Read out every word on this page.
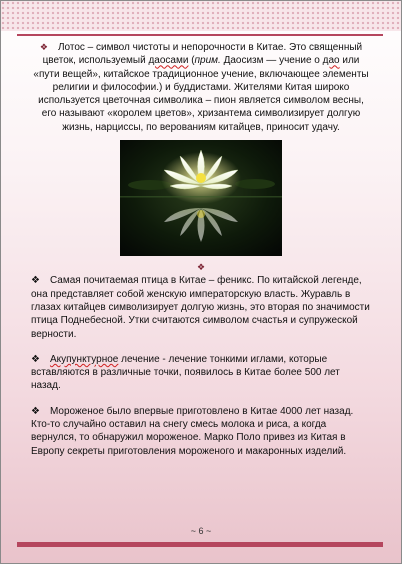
❖ Лотос – символ чистоты и непорочности в Китае. Это священный цветок, используемый даосами (прим. Даосизм — учение о дао или «пути вещей», китайское традиционное учение, включающее элементы религии и философии.) и буддистами. Жителями Китая широко используется цветочная символика – пион является символом весны, его называют «королем цветов», хризантема символизирует долгую жизнь, нарциссы, по верованиям китайцев, приносит удачу.

❖

❖ Самая почитаемая птица в Китае – феникс. По китайской легенде, она представляет собой женскую императорскую власть. Журавль в глазах китайцев символизирует долгую жизнь, это вторая по значимости птица Поднебесной. Утки считаются символом счастья и супружеской верности.

❖ Акупунктурное лечение - лечение тонкими иглами, которые вставляются в различные точки, появилось в Китае более 500 лет назад.

❖ Мороженое было впервые приготовлено в Китае 4000 лет назад. Кто-то случайно оставил на снегу смесь молока и риса, а когда вернулся, то обнаружил мороженое. Марко Поло привез из Китая в Европу секреты приготовления мороженого и макаронных изделий.

~ 6 ~
